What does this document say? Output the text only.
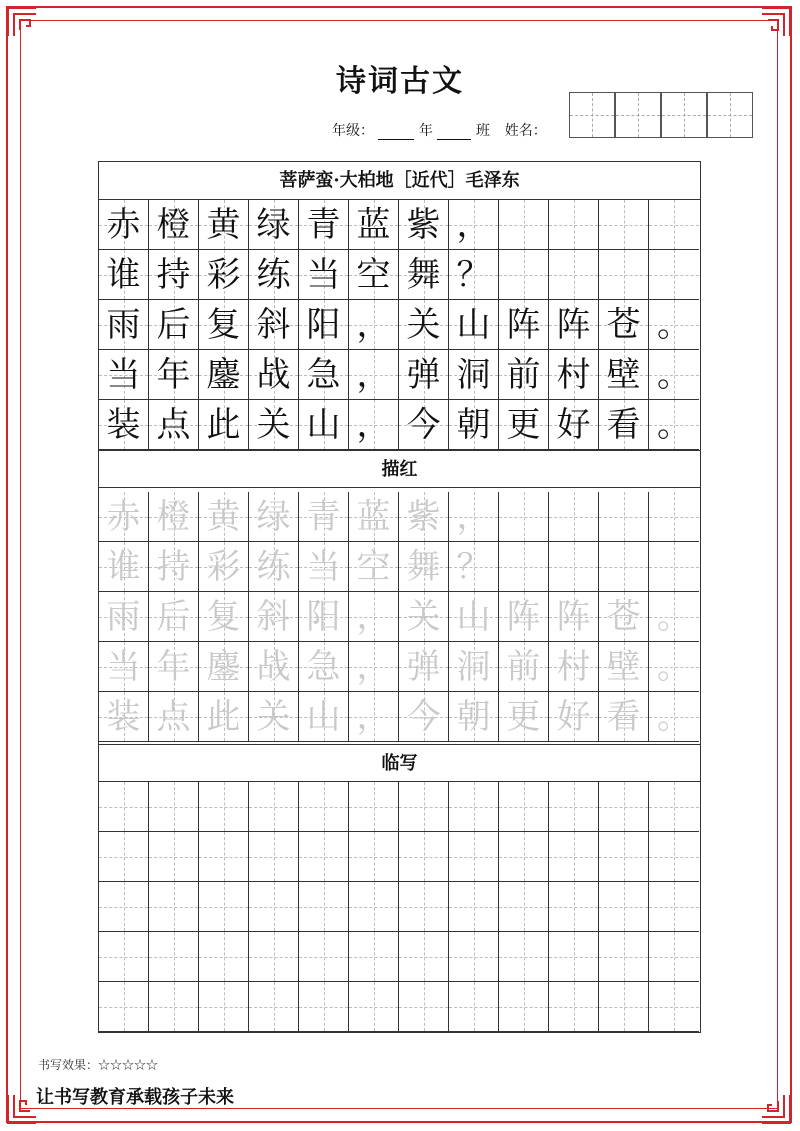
诗词古文
年级：	年	班 姓名：
菩萨蛮·大柏地［近代］毛泽东
赤 橙 黄 绿 青 蓝 紫 ，
谁 持 彩 练 当 空 舞 ？
雨 后 复 斜 阳 ， 关 山 阵 阵 苍 。
当 年 鏖 战 急 ， 弹 洞 前 村 壁 。
装 点 此 关 山 ， 今 朝 更 好 看 。
描红
赤 橙 黄 绿 青 蓝 紫 ，
谁 持 彩 练 当 空 舞 ？
雨 后 复 斜 阳 ， 关 山 阵 阵 苍 。
当 年 鏖 战 急 ， 弹 洞 前 村 壁 。
装 点 此 关 山 ， 今 朝 更 好 看 。
临写
书写效果：☆☆☆☆☆
让书写教育承载孩子未来
